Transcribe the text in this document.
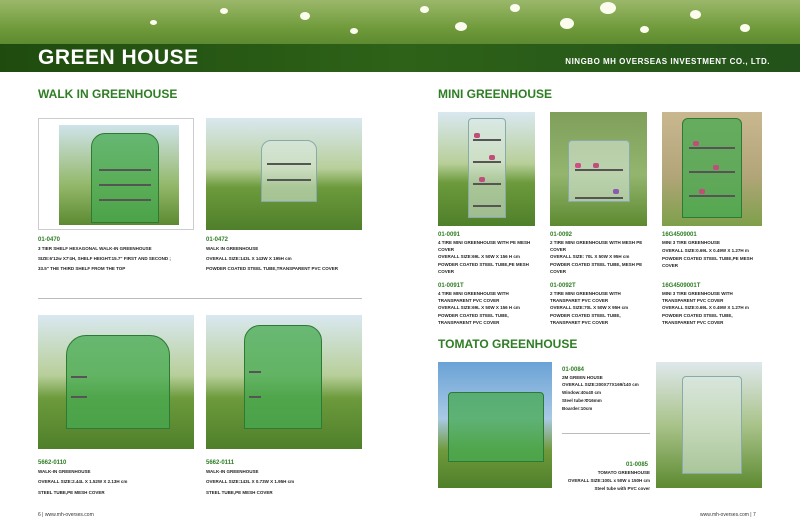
GREEN HOUSE	NINGBO MH OVERSEAS INVESTMENT CO., LTD.
WALK IN GREENHOUSE	MINI GREENHOUSE
TOMATO GREENHOUSE
01-0470
3 TIER SHELF HEXAGONAL WALK-IN GREENHOUSE
SIZE:6'12w X7'4H, SHELF HEIGHT:15.7" FIRST AND SECOND ;
33.5" THE THIRD SHELF FROM THE TOP
01-0472
WALK IN GREENHOUSE
OVERALL SIZE:143L X 143W X 195H cm
POWDER COATED STEEL TUBE,TRANSPARENT PVC COVER
5662-0110
WALK-IN GREENHOUSE
OVERALL SIZE:2.44L X 1.52W X 2.13H cm
STEEL TUBE,PE MESH COVER
5662-0111
WALK-IN GREENHOUSE
OVERALL SIZE:143L X 0.73W X 1.95H cm
STEEL TUBE,PE MESH COVER
01-0091
4 TIRE MINI GREENHOUSE WITH PE MESH COVER
OVERALL SIZE:69L X 50W X 156 H cm
POWDER COATED STEEL TUBE,PE MESH COVER
01-0091T
4 TIRE MINI GREENHOUSE WITH TRANSPARENT PVC COVER
OVERALL SIZE:69L X 50W X 156 H cm
POWDER COATED STEEL TUBE, TRANSPARENT PVC COVER
01-0092
2 TIRE MINI GREENHOUSE WITH MESH PE COVER
OVERALL SIZE: 70L X 50W X 95H cm
POWDER COATED STEEL TUBE, MESH PE COVER
01-0092T
2 TIRE MINI GREENHOUSE WITH TRANSPARET PVC COVER
OVERALL SIZE:70L X 50W X 95H cm
POWDER COATED STEEL TUBE, TRANSPARET PVC COVER
16G4509001
MINI 3 TIRE GREENHOUSE
OVERALL SIZE:0.69L X 0.49W X 1.27H m
POWDER COATED STEEL TUBE,PE MESH COVER
16G4509001T
MINI 3 TIRE GREENHOUSE WITH TRANSPARENT PVC COVER
OVERALL SIZE:0.69L X 0.49W X 1.27H m
POWDER COATED STEEL TUBE, TRANSPARENT PVC COVER
01-0084
2M GREEN HOUSE
OVERALL SIZE:200X77X169/140 cm
Window:40x40 cm
Steel tube:Φ16mm
Boarder:10cm
01-0085
TOMATO GREENHOUSE
OVERALL SIZE:100L x 50W x 150H cm
Steel tube with PVC cover
6 | www.mh-overses.com	www.mh-overses.com | 7
